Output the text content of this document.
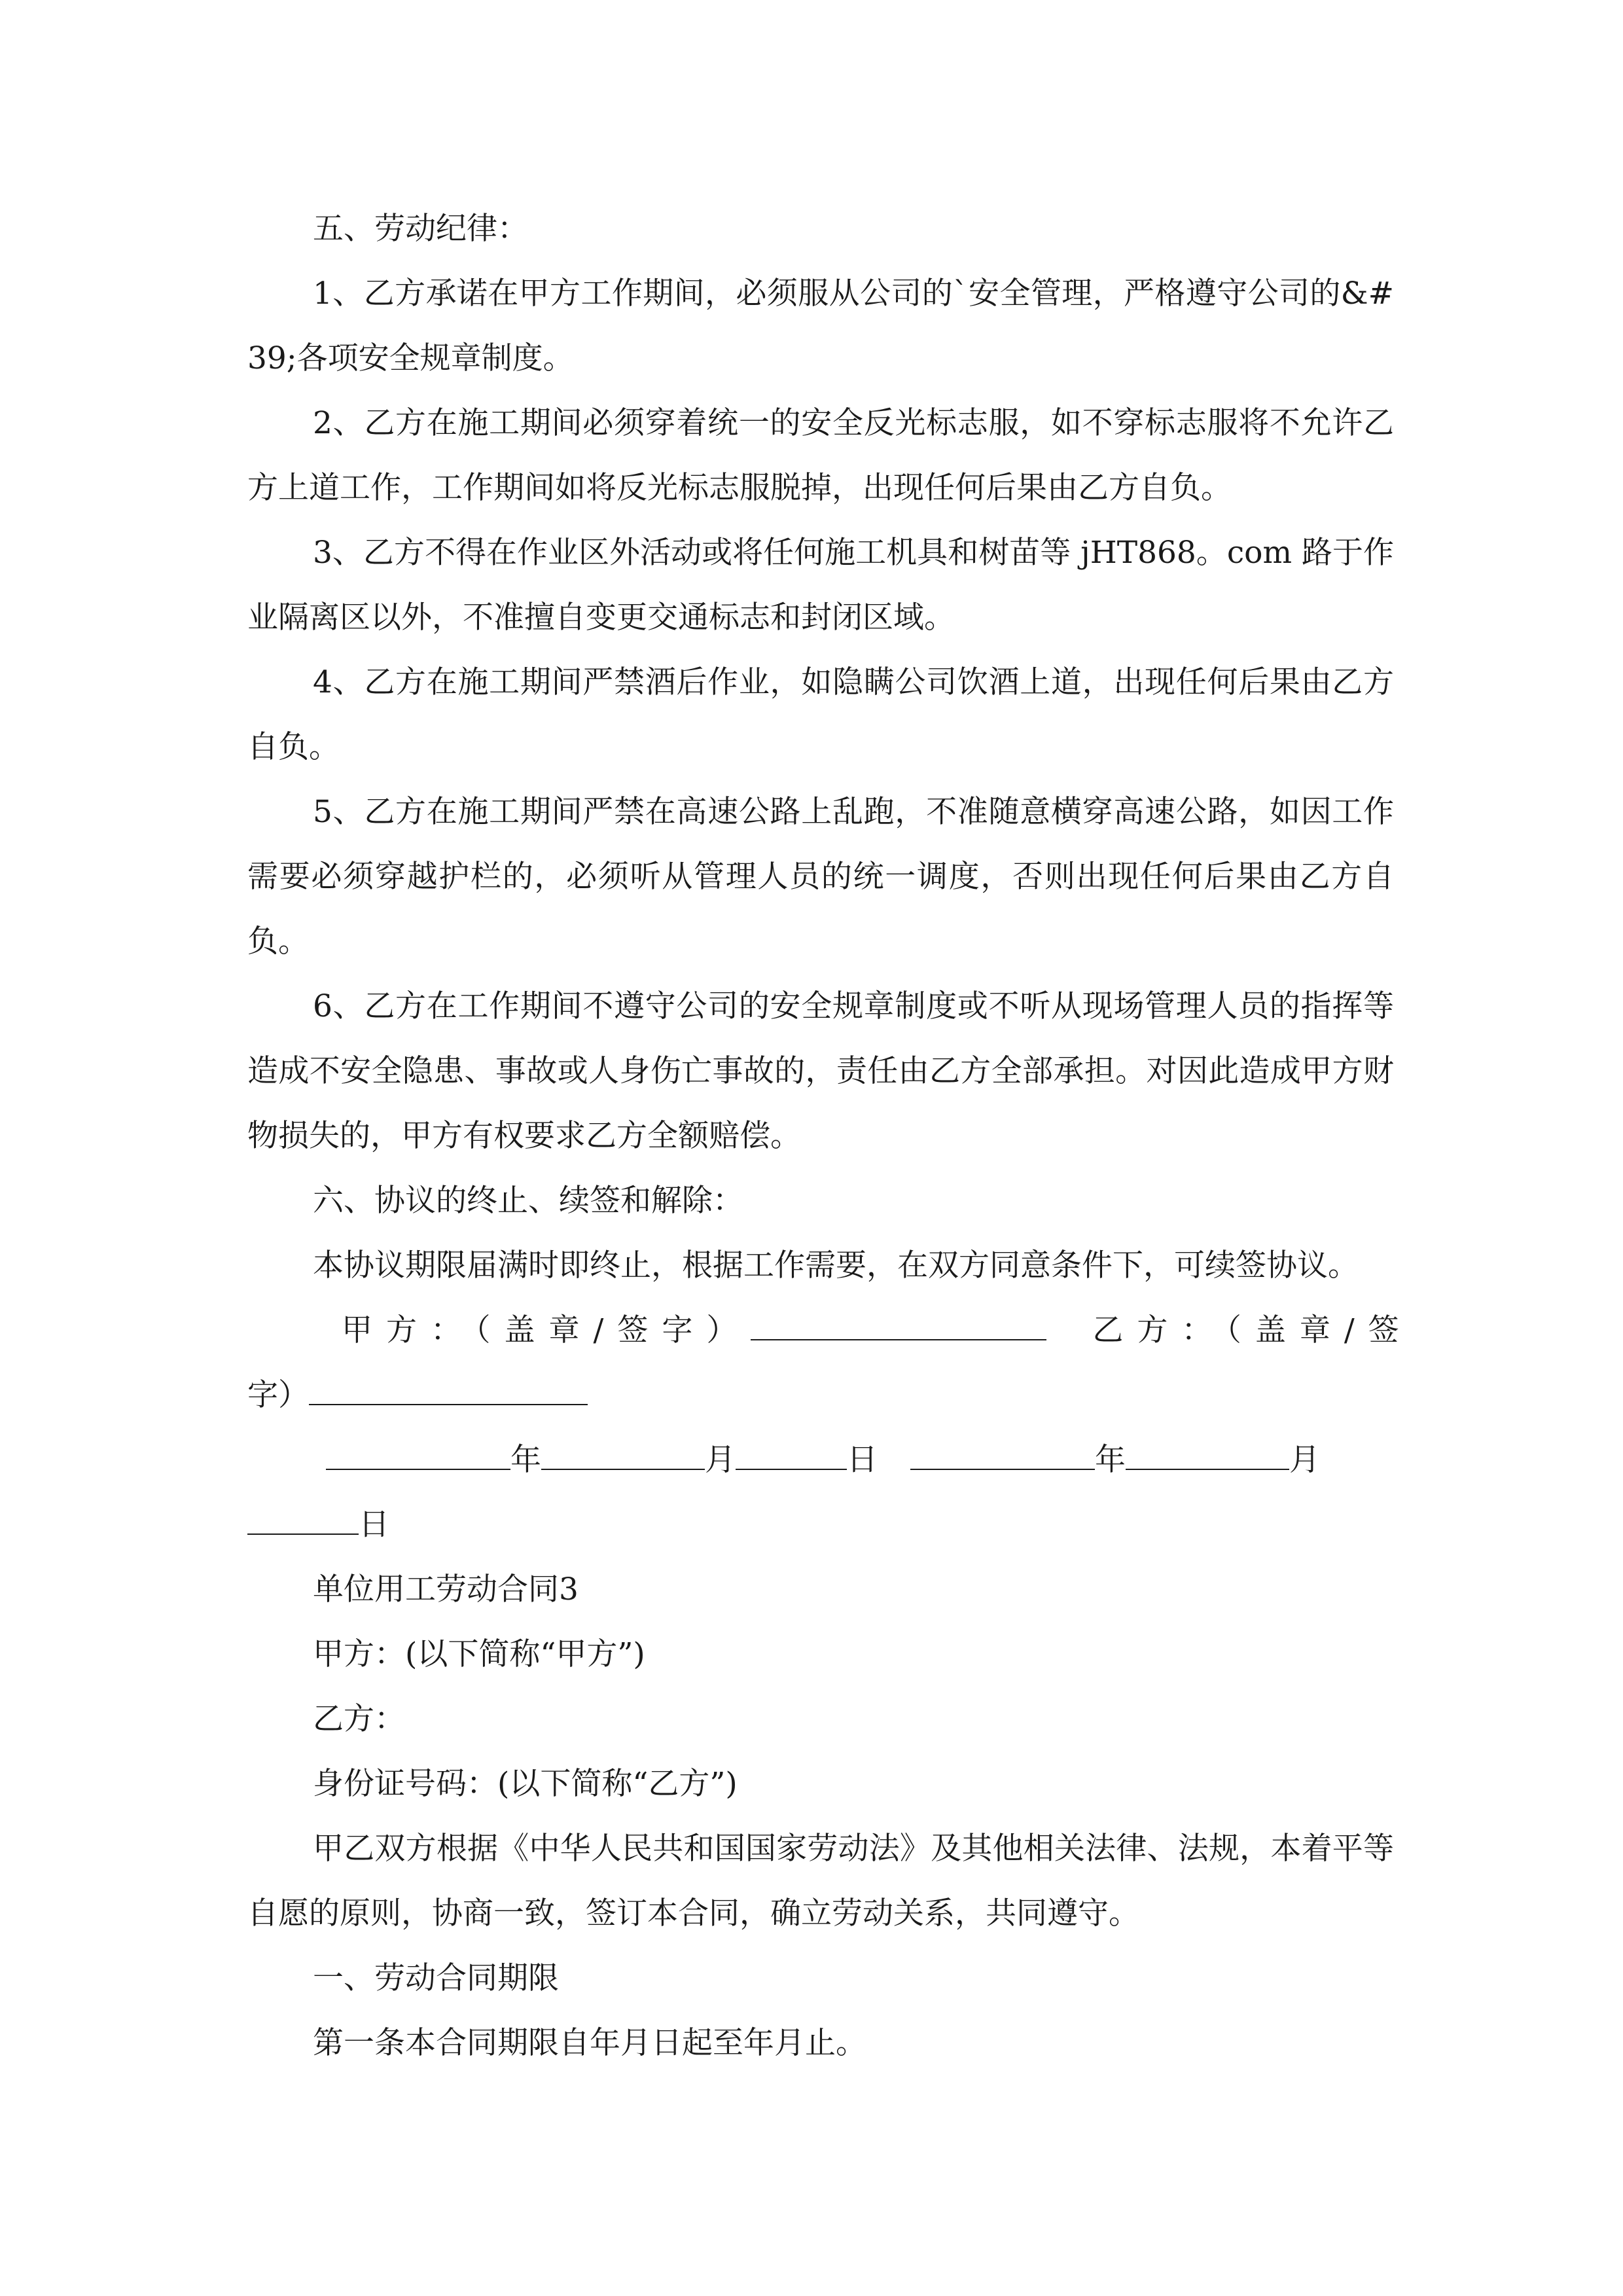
五、劳动纪律：

1、乙方承诺在甲方工作期间，必须服从公司的`安全管理，严格遵守公司的&#39;各项安全规章制度。

2、乙方在施工期间必须穿着统一的安全反光标志服，如不穿标志服将不允许乙方上道工作，工作期间如将反光标志服脱掉，出现任何后果由乙方自负。

3、乙方不得在作业区外活动或将任何施工机具和树苗等 jHT868。com 路于作业隔离区以外，不准擅自变更交通标志和封闭区域。

4、乙方在施工期间严禁酒后作业，如隐瞒公司饮酒上道，出现任何后果由乙方自负。

5、乙方在施工期间严禁在高速公路上乱跑，不准随意横穿高速公路，如因工作需要必须穿越护栏的，必须听从管理人员的统一调度，否则出现任何后果由乙方自负。

6、乙方在工作期间不遵守公司的安全规章制度或不听从现场管理人员的指挥等造成不安全隐患、事故或人身伤亡事故的，责任由乙方全部承担。对因此造成甲方财物损失的，甲方有权要求乙方全额赔偿。

六、协议的终止、续签和解除：

本协议期限届满时即终止，根据工作需要，在双方同意条件下，可续签协议。

甲方：（盖章/签字）	乙方：（盖章/签

字）

年	月	日	年	月

日

单位用工劳动合同3

甲方：(以下简称“甲方”)

乙方：

身份证号码：(以下简称“乙方”)

甲乙双方根据《中华人民共和国国家劳动法》及其他相关法律、法规，本着平等自愿的原则，协商一致，签订本合同，确立劳动关系，共同遵守。

一、劳动合同期限

第一条本合同期限自年月日起至年月止。
